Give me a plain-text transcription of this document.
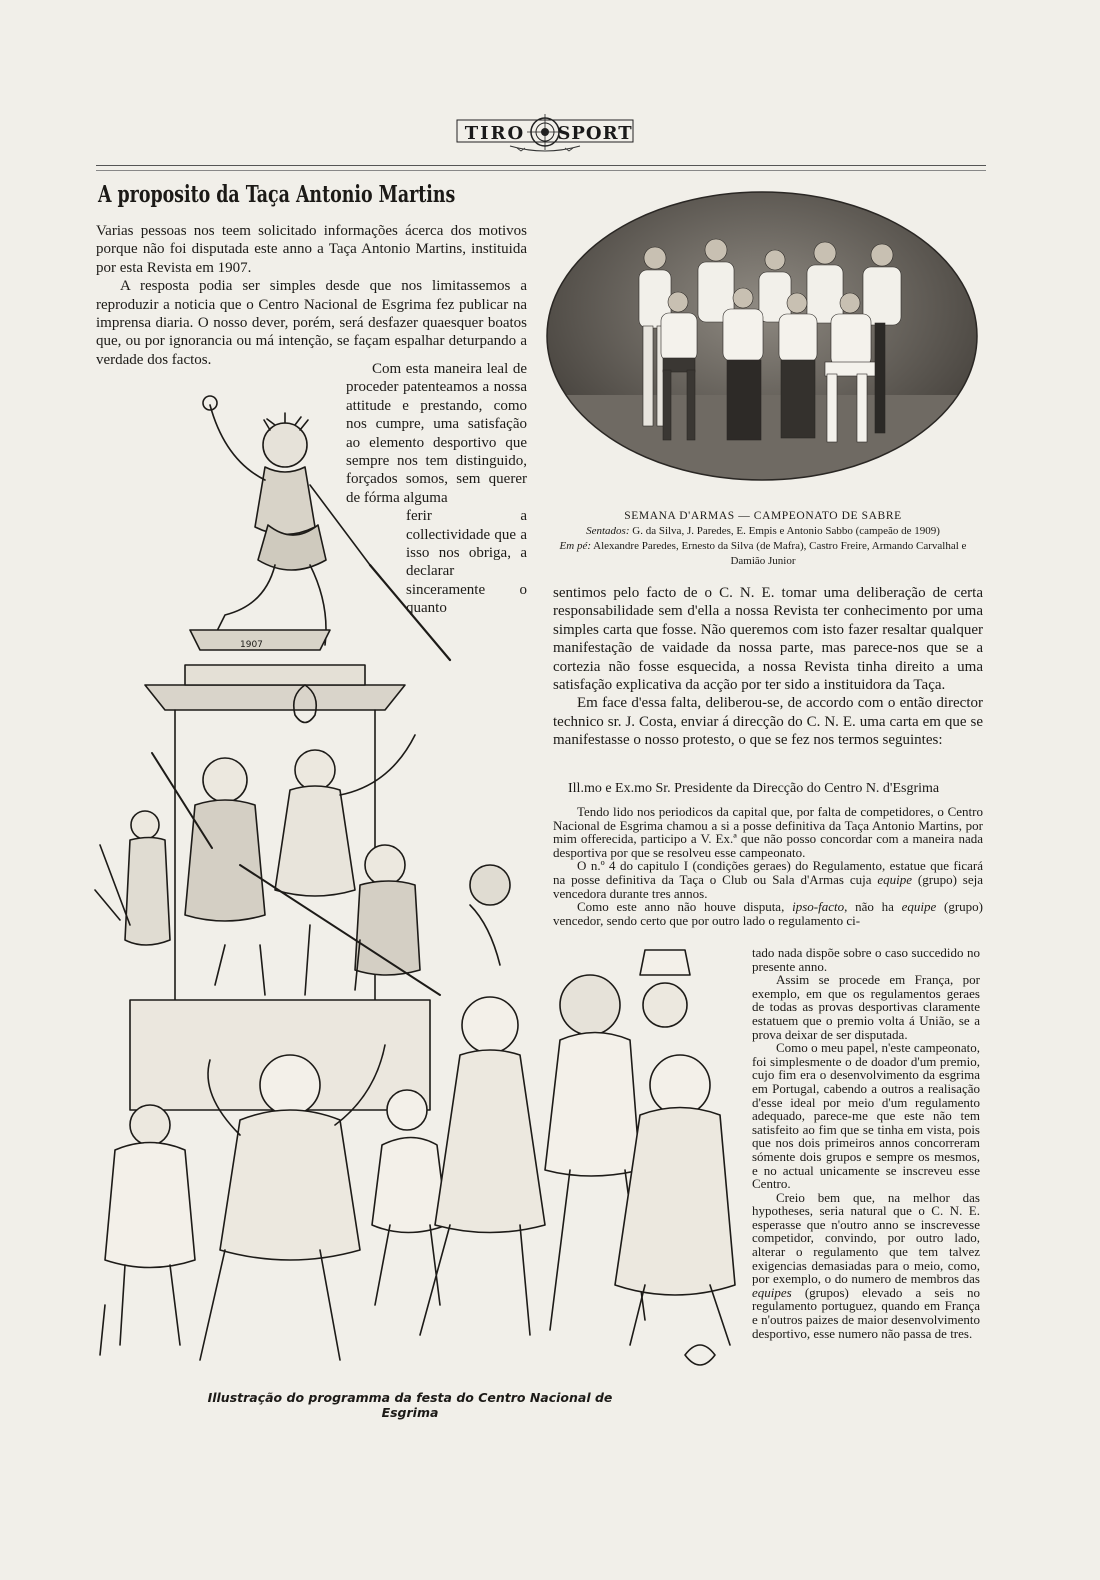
TIRO SPORT
A proposito da Taça Antonio Martins

Varias pessoas nos teem solicitado informações ácerca dos motivos porque não foi disputada este anno a Taça Antonio Martins, instituida por esta Revista em 1907.

A resposta podia ser simples desde que nos limitassemos a reproduzir a noticia que o Centro Nacional de Esgrima fez publicar na imprensa diaria. O nosso dever, porém, será desfazer quaesquer boatos que, ou por ignorancia ou má intenção, se façam espalhar deturpando a verdade dos factos.

Com esta maneira leal de proceder patenteamos a nossa attitude e prestando, como nos cumpre, uma satisfação ao elemento desportivo que sempre nos tem distinguido, forçados somos, sem querer de fórma alguma

ferir a collectividade que a isso nos obriga, a declarar sinceramente o quanto

SEMANA D'ARMAS — CAMPEONATO DE SABRE
Sentados: G. da Silva, J. Paredes, E. Empis e Antonio Sabbo (campeão de 1909)
Em pé: Alexandre Paredes, Ernesto da Silva (de Mafra), Castro Freire, Armando Carvalhal e Damião Junior

sentimos pelo facto de o C. N. E. tomar uma deliberação de certa responsabilidade sem d'ella a nossa Revista ter conhecimento por uma simples carta que fosse. Não queremos com isto fazer resaltar qualquer manifestação de vaidade da nossa parte, mas parece-nos que se a cortezia não fosse esquecida, a nossa Revista tinha direito a uma satisfação explicativa da acção por ter sido a instituidora da Taça.

Em face d'essa falta, deliberou-se, de accordo com o então director technico sr. J. Costa, enviar á direcção do C. N. E. uma carta em que se manifestasse o nosso protesto, o que se fez nos termos seguintes:

Ill.mo e Ex.mo Sr. Presidente da Direcção do Centro N. d'Esgrima

Tendo lido nos periodicos da capital que, por falta de competidores, o Centro Nacional de Esgrima chamou a si a posse definitiva da Taça Antonio Martins, por mim offerecida, participo a V. Ex.ª que não posso concordar com a maneira nada desportiva por que se resolveu esse campeonato.

O n.º 4 do capitulo I (condições geraes) do Regulamento, estatue que ficará na posse definitiva da Taça o Club ou Sala d'Armas cuja equipe (grupo) seja vencedora durante tres annos.

Como este anno não houve disputa, ipso-facto, não ha equipe (grupo) vencedor, sendo certo que por outro lado o regulamento ci-

tado nada dispõe sobre o caso succedido no presente anno.

Assim se procede em França, por exemplo, em que os regulamentos geraes de todas as provas desportivas claramente estatuem que o premio volta á União, se a prova deixar de ser disputada.

Como o meu papel, n'este campeonato, foi simplesmente o de doador d'um premio, cujo fim era o desenvolvimento da esgrima em Portugal, cabendo a outros a realisação d'esse ideal por meio d'um regulamento adequado, parece-me que este não tem satisfeito ao fim que se tinha em vista, pois que nos dois primeiros annos concorreram sómente dois grupos e sempre os mesmos, e no actual unicamente se inscreveu esse Centro.

Creio bem que, na melhor das hypotheses, seria natural que o C. N. E. esperasse que n'outro anno se inscrevesse competidor, convindo, por outro lado, alterar o regulamento que tem talvez exigencias demasiadas para o meio, como, por exemplo, o do numero de membros das equipes (grupos) elevado a seis no regulamento portuguez, quando em França e n'outros paizes de maior desenvolvimento desportivo, esse numero não passa de tres.

1907
Illustração do programma da festa do Centro Nacional de Esgrima
